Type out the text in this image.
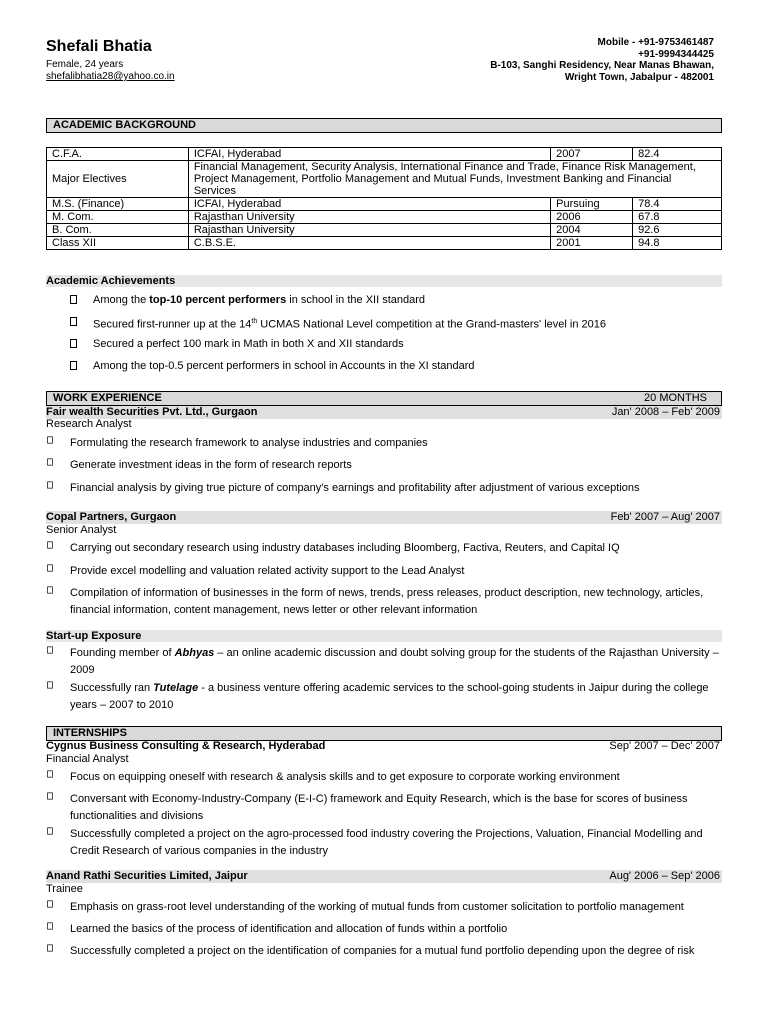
Shefali Bhatia
Female, 24 years
shefalibhatia28@yahoo.co.in
Mobile - +91-9753461487
+91-9994344425
B-103, Sanghi Residency, Near Manas Bhawan,
Wright Town, Jabalpur - 482001
ACADEMIC BACKGROUND
C.F.A.	ICFAI, Hyderabad	2007	82.4
Major Electives	Financial Management, Security Analysis, International Finance and Trade, Finance Risk Management, Project Management, Portfolio Management and Mutual Funds, Investment Banking and Financial Services		
M.S. (Finance)	ICFAI, Hyderabad	Pursuing	78.4
M. Com.	Rajasthan University	2006	67.8
B. Com.	Rajasthan University	2004	92.6
Class XII	C.B.S.E.	2001	94.8
Academic Achievements
Among the top-10 percent performers in school in the XII standard
Secured first-runner up at the 14th UCMAS National Level competition at the Grand-masters' level in 2016
Secured a perfect 100 mark in Math in both X and XII standards
Among the top-0.5 percent performers in school in Accounts in the XI standard
WORK EXPERIENCE	20 MONTHS
Fair wealth Securities Pvt. Ltd., Gurgaon	Jan' 2008 – Feb' 2009
Research Analyst
Formulating the research framework to analyse industries and companies
Generate investment ideas in the form of research reports
Financial analysis by giving true picture of company's earnings and profitability after adjustment of various exceptions
Copal Partners, Gurgaon	Feb' 2007 – Aug' 2007
Senior Analyst
Carrying out secondary research using industry databases including Bloomberg, Factiva, Reuters, and Capital IQ
Provide excel modelling and valuation related activity support to the Lead Analyst
Compilation of information of businesses in the form of news, trends, press releases, product description, new technology, articles, financial information, content management, news letter or other relevant information
Start-up Exposure
Founding member of Abhyas – an online academic discussion and doubt solving group for the students of the Rajasthan University – 2009
Successfully ran Tutelage - a business venture offering academic services to the school-going students in Jaipur during the college years – 2007 to 2010
INTERNSHIPS
Cygnus Business Consulting & Research, Hyderabad	Sep' 2007 – Dec' 2007
Financial Analyst
Focus on equipping oneself with research & analysis skills and to get exposure to corporate working environment
Conversant with Economy-Industry-Company (E-I-C) framework and Equity Research, which is the base for scores of business functionalities and divisions
Successfully completed a project on the agro-processed food industry covering the Projections, Valuation, Financial Modelling and Credit Research of various companies in the industry
Anand Rathi Securities Limited, Jaipur	Aug' 2006 – Sep' 2006
Trainee
Emphasis on grass-root level understanding of the working of mutual funds from customer solicitation to portfolio management
Learned the basics of the process of identification and allocation of funds within a portfolio
Successfully completed a project on the identification of companies for a mutual fund portfolio depending upon the degree of risk
